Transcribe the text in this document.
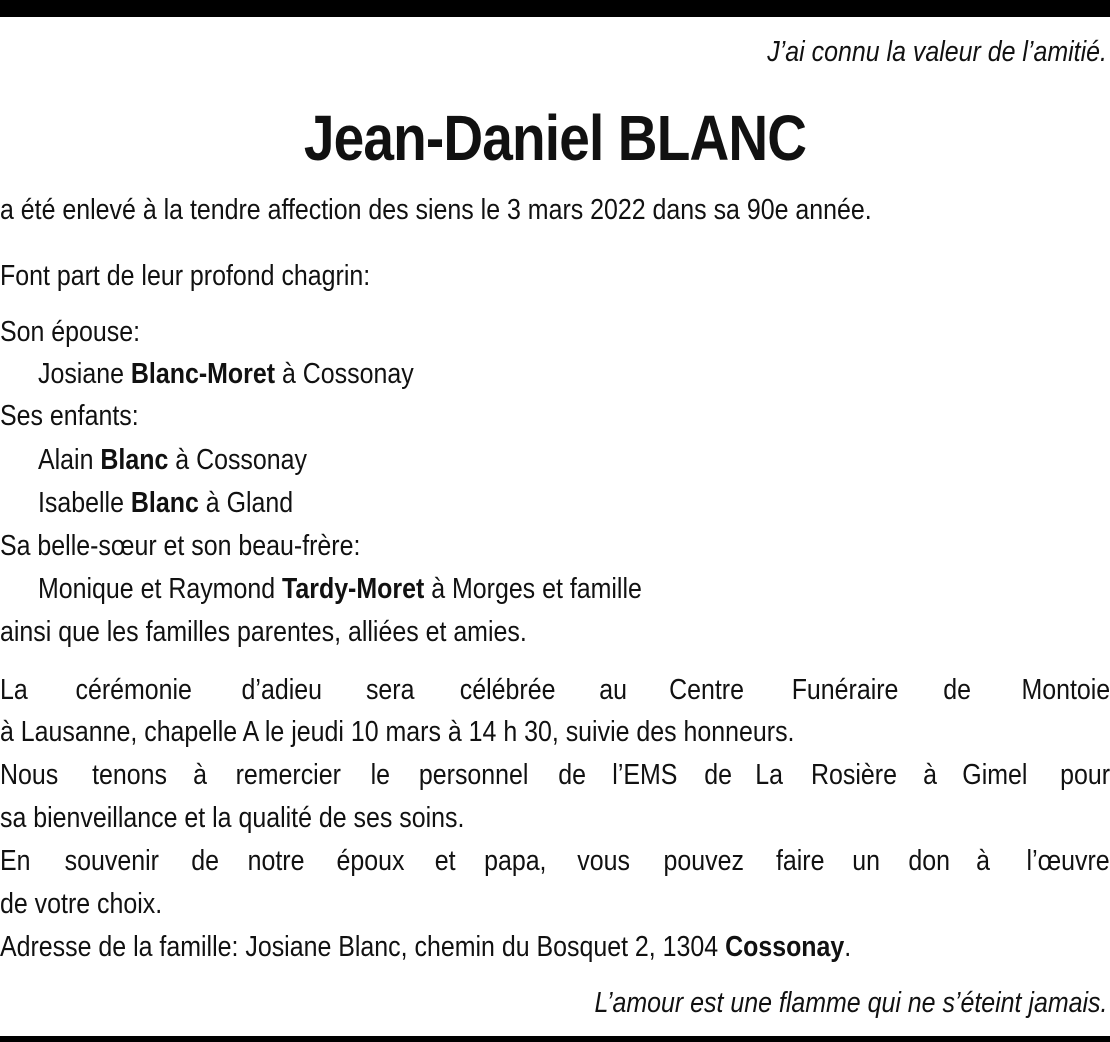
J’ai connu la valeur de l’amitié.
Jean-Daniel BLANC
a été enlevé à la tendre affection des siens le 3 mars 2022 dans sa 90e année.
Font part de leur profond chagrin:
Son épouse:
Josiane Blanc-Moret à Cossonay
Ses enfants:
Alain Blanc à Cossonay
Isabelle Blanc à Gland
Sa belle-sœur et son beau-frère:
Monique et Raymond Tardy-Moret à Morges et famille
ainsi que les familles parentes, alliées et amies.
La cérémonie d’adieu sera célébrée au Centre Funéraire de Montoie
à Lausanne, chapelle A le jeudi 10 mars à 14 h 30, suivie des honneurs.
Nous tenons à remercier le personnel de l’EMS de La Rosière à Gimel pour
sa bienveillance et la qualité de ses soins.
En souvenir de notre époux et papa, vous pouvez faire un don à l’œuvre
de votre choix.
Adresse de la famille: Josiane Blanc, chemin du Bosquet 2, 1304 Cossonay.
L’amour est une flamme qui ne s’éteint jamais.
